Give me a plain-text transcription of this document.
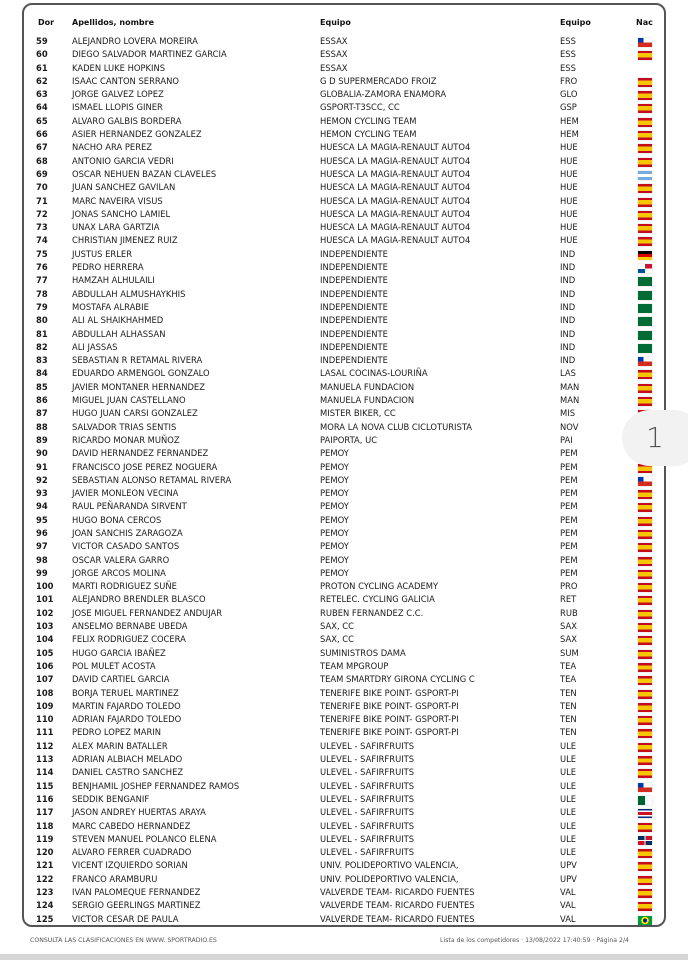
Dor Apellidos, nombre	Equipo	Equipo	Nac
59	ALEJANDRO LOVERA MOREIRA	ESSAX	ESS
60	DIEGO SALVADOR MARTINEZ GARCIA	ESSAX	ESS
61	KADEN LUKE HOPKINS	ESSAX	ESS
62	ISAAC CANTON SERRANO	G D SUPERMERCADO FROIZ	FRO
63	JORGE GALVEZ LOPEZ	GLOBALIA-ZAMORA ENAMORA	GLO
64	ISMAEL LLOPIS GINER	GSPORT-T3SCC, CC	GSP
65	ALVARO GALBIS BORDERA	HEMON CYCLING TEAM	HEM
66	ASIER HERNANDEZ GONZALEZ	HEMON CYCLING TEAM	HEM
67	NACHO ARA PEREZ	HUESCA LA MAGIA-RENAULT AUTO4	HUE
68	ANTONIO GARCIA VEDRI	HUESCA LA MAGIA-RENAULT AUTO4	HUE
69	OSCAR NEHUEN BAZAN CLAVELES	HUESCA LA MAGIA-RENAULT AUTO4	HUE
70	JUAN SANCHEZ GAVILAN	HUESCA LA MAGIA-RENAULT AUTO4	HUE
71	MARC NAVEIRA VISUS	HUESCA LA MAGIA-RENAULT AUTO4	HUE
72	JONAS SANCHO LAMIEL	HUESCA LA MAGIA-RENAULT AUTO4	HUE
73	UNAX LARA GARTZIA	HUESCA LA MAGIA-RENAULT AUTO4	HUE
74	CHRISTIAN JIMENEZ RUIZ	HUESCA LA MAGIA-RENAULT AUTO4	HUE
75	JUSTUS ERLER	INDEPENDIENTE	IND
76	PEDRO HERRERA	INDEPENDIENTE	IND
77	HAMZAH ALHULAILI	INDEPENDIENTE	IND
78	ABDULLAH ALMUSHAYKHIS	INDEPENDIENTE	IND
79	MOSTAFA ALRABIE	INDEPENDIENTE	IND
80	ALI AL SHAIKHAHMED	INDEPENDIENTE	IND
81	ABDULLAH ALHASSAN	INDEPENDIENTE	IND
82	ALI JASSAS	INDEPENDIENTE	IND
83	SEBASTIAN R RETAMAL RIVERA	INDEPENDIENTE	IND
84	EDUARDO ARMENGOL GONZALO	LASAL COCINAS-LOURIÑA	LAS
85	JAVIER MONTANER HERNANDEZ	MANUELA FUNDACION	MAN
86	MIGUEL JUAN CASTELLANO	MANUELA FUNDACION	MAN
87	HUGO JUAN CARSI GONZALEZ	MISTER BIKER, CC	MIS
88	SALVADOR TRIAS SENTIS	MORA LA NOVA CLUB CICLOTURISTA	NOV
89	RICARDO MONAR MUÑOZ	PAIPORTA, UC	PAI
90	DAVID HERNANDEZ FERNANDEZ	PEMOY	PEM
91	FRANCISCO JOSE PEREZ NOGUERA	PEMOY	PEM
92	SEBASTIAN ALONSO RETAMAL RIVERA	PEMOY	PEM
93	JAVIER MONLEON VECINA	PEMOY	PEM
94	RAUL PEÑARANDA SIRVENT	PEMOY	PEM
95	HUGO BONA CERCOS	PEMOY	PEM
96	JOAN SANCHIS ZARAGOZA	PEMOY	PEM
97	VICTOR CASADO SANTOS	PEMOY	PEM
98	OSCAR VALERA GARRO	PEMOY	PEM
99	JORGE ARCOS MOLINA	PEMOY	PEM
100	MARTI RODRIGUEZ SUÑE	PROTON CYCLING ACADEMY	PRO
101	ALEJANDRO BRENDLER BLASCO	RETELEC. CYCLING GALICIA	RET
102	JOSE MIGUEL FERNANDEZ ANDUJAR	RUBEN FERNANDEZ C.C.	RUB
103	ANSELMO BERNABE UBEDA	SAX, CC	SAX
104	FELIX RODRIGUEZ COCERA	SAX, CC	SAX
105	HUGO GARCIA IBAÑEZ	SUMINISTROS DAMA	SUM
106	POL MULET ACOSTA	TEAM MPGROUP	TEA
107	DAVID CARTIEL GARCIA	TEAM SMARTDRY GIRONA CYCLING C	TEA
108	BORJA TERUEL MARTINEZ	TENERIFE BIKE POINT- GSPORT-PI	TEN
109	MARTIN FAJARDO TOLEDO	TENERIFE BIKE POINT- GSPORT-PI	TEN
110	ADRIAN FAJARDO TOLEDO	TENERIFE BIKE POINT- GSPORT-PI	TEN
111	PEDRO LOPEZ MARIN	TENERIFE BIKE POINT- GSPORT-PI	TEN
112	ALEX MARIN BATALLER	ULEVEL - SAFIRFRUITS	ULE
113	ADRIAN ALBIACH MELADO	ULEVEL - SAFIRFRUITS	ULE
114	DANIEL CASTRO SANCHEZ	ULEVEL - SAFIRFRUITS	ULE
115	BENJHAMIL JOSHEP FERNANDEZ RAMOS	ULEVEL - SAFIRFRUITS	ULE
116	SEDDIK BENGANIF	ULEVEL - SAFIRFRUITS	ULE
117	JASON ANDREY HUERTAS ARAYA	ULEVEL - SAFIRFRUITS	ULE
118	MARC CABEDO HERNANDEZ	ULEVEL - SAFIRFRUITS	ULE
119	STEVEN MANUEL POLANCO ELENA	ULEVEL - SAFIRFRUITS	ULE
120	ALVARO FERRER CUADRADO	ULEVEL - SAFIRFRUITS	ULE
121	VICENT IZQUIERDO SORIAN	UNIV. POLIDEPORTIVO VALENCIA,	UPV
122	FRANCO ARAMBURU	UNIV. POLIDEPORTIVO VALENCIA,	UPV
123	IVAN PALOMEQUE FERNANDEZ	VALVERDE TEAM- RICARDO FUENTES	VAL
124	SERGIO GEERLINGS MARTINEZ	VALVERDE TEAM- RICARDO FUENTES	VAL
125	VICTOR CESAR DE PAULA	VALVERDE TEAM- RICARDO FUENTES	VAL
CONSULTA LAS CLASIFICACIONES EN WWW. SPORTRADIO.ES	Lista de los competidores · 13/08/2022 17:40:59 · Página 2/4
1
